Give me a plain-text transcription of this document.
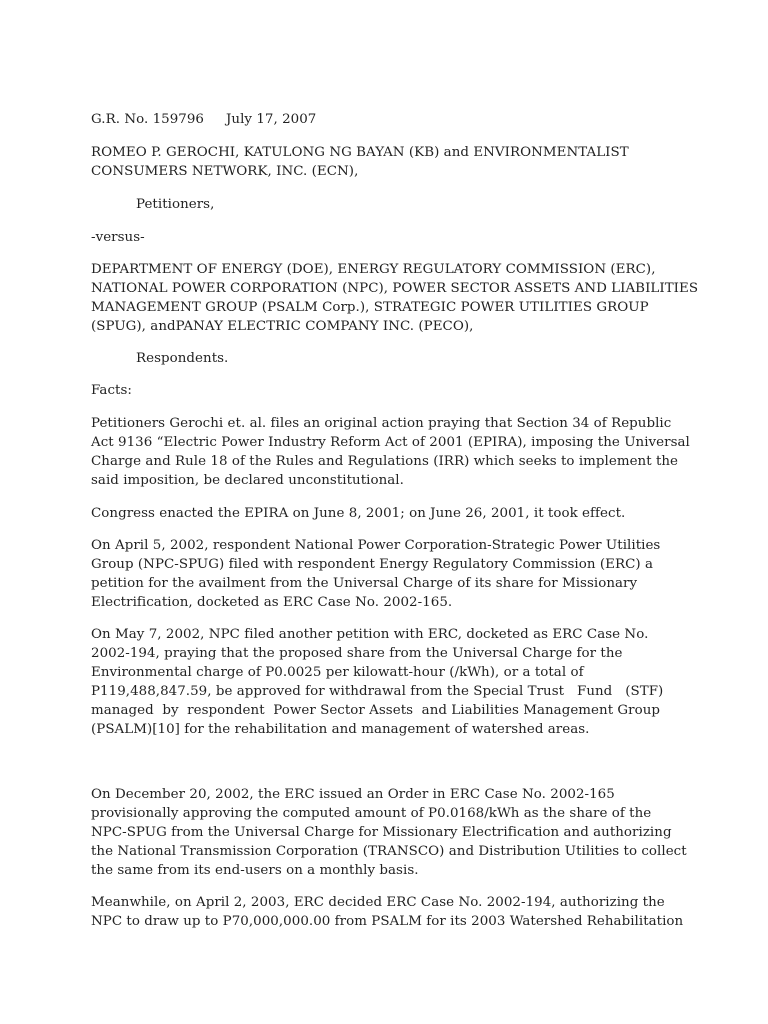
G.R. No. 159796 July 17, 2007
ROMEO P. GEROCHI, KATULONG NG BAYAN (KB) and ENVIRONMENTALIST
CONSUMERS NETWORK, INC. (ECN),
Petitioners,
-versus-
DEPARTMENT OF ENERGY (DOE), ENERGY REGULATORY COMMISSION (ERC),
NATIONAL POWER CORPORATION (NPC), POWER SECTOR ASSETS AND LIABILITIES
MANAGEMENT GROUP (PSALM Corp.), STRATEGIC POWER UTILITIES GROUP
(SPUG), andPANAY ELECTRIC COMPANY INC. (PECO),
Respondents.
Facts:
Petitioners Gerochi et. al. files an original action praying that Section 34 of Republic
Act 9136 “Electric Power Industry Reform Act of 2001 (EPIRA), imposing the Universal
Charge and Rule 18 of the Rules and Regulations (IRR) which seeks to implement the
said imposition, be declared unconstitutional.
Congress enacted the EPIRA on June 8, 2001; on June 26, 2001, it took effect.
On April 5, 2002, respondent National Power Corporation-Strategic Power Utilities
Group (NPC-SPUG) filed with respondent Energy Regulatory Commission (ERC) a
petition for the availment from the Universal Charge of its share for Missionary
Electrification, docketed as ERC Case No. 2002-165.
On May 7, 2002, NPC filed another petition with ERC, docketed as ERC Case No.
2002-194, praying that the proposed share from the Universal Charge for the
Environmental charge of P0.0025 per kilowatt-hour (/kWh), or a total of
P119,488,847.59, be approved for withdrawal from the Special Trust   Fund   (STF)
managed  by  respondent  Power Sector Assets  and Liabilities Management Group
(PSALM)[10] for the rehabilitation and management of watershed areas.
On December 20, 2002, the ERC issued an Order in ERC Case No. 2002-165
provisionally approving the computed amount of P0.0168/kWh as the share of the
NPC-SPUG from the Universal Charge for Missionary Electrification and authorizing
the National Transmission Corporation (TRANSCO) and Distribution Utilities to collect
the same from its end-users on a monthly basis.
Meanwhile, on April 2, 2003, ERC decided ERC Case No. 2002-194, authorizing the
NPC to draw up to P70,000,000.00 from PSALM for its 2003 Watershed Rehabilitation
